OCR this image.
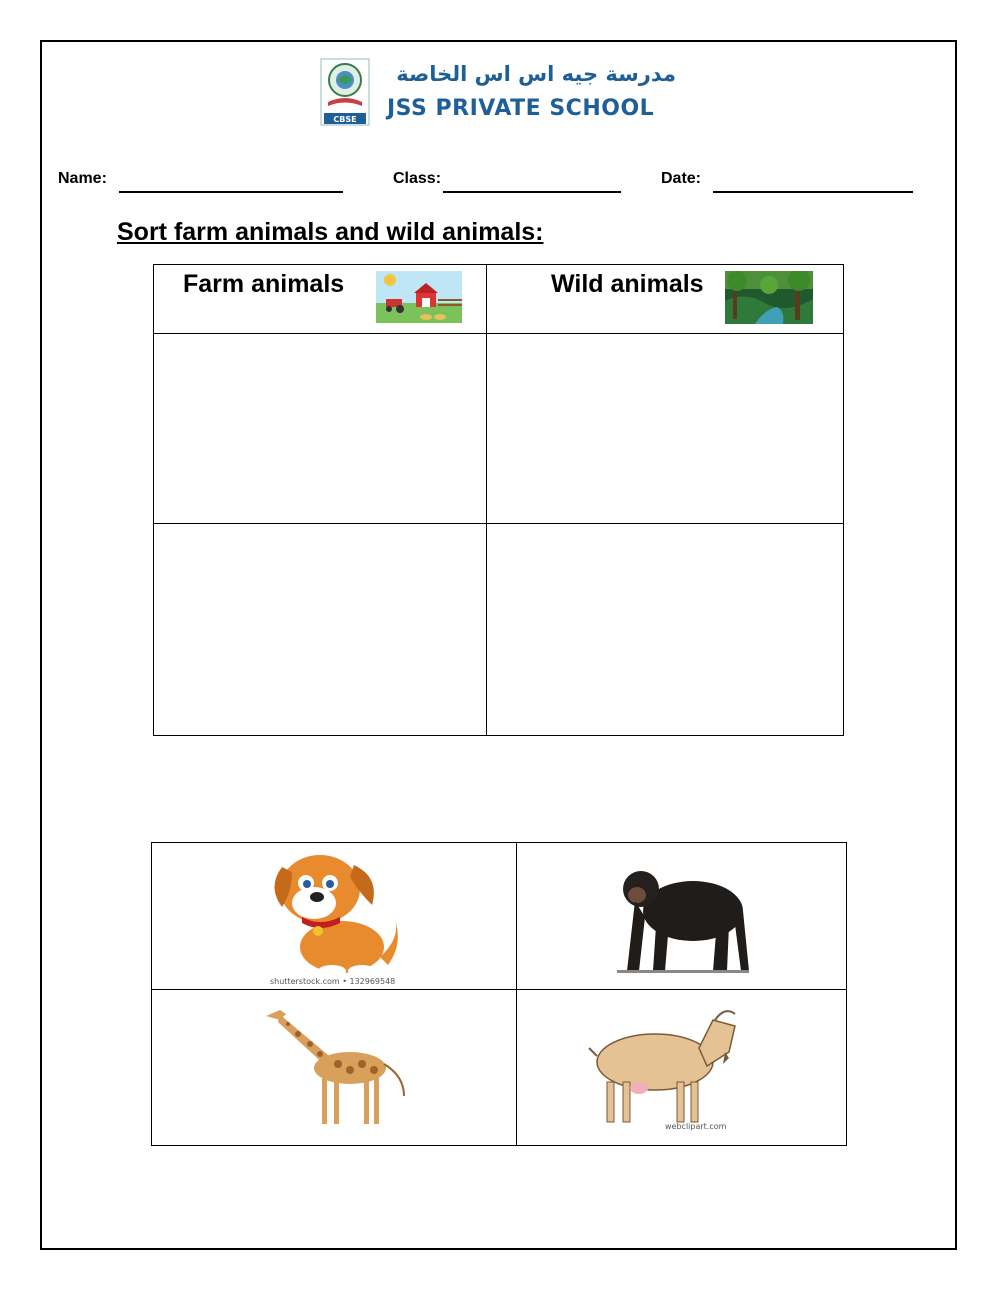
CBSE
مدرسة جيه اس اس الخاصة
JSS PRIVATE SCHOOL
Name:	Class:	Date:
Sort farm animals and wild animals:
Farm animals	Wild animals
shutterstock.com • 132969548
webclipart.com
